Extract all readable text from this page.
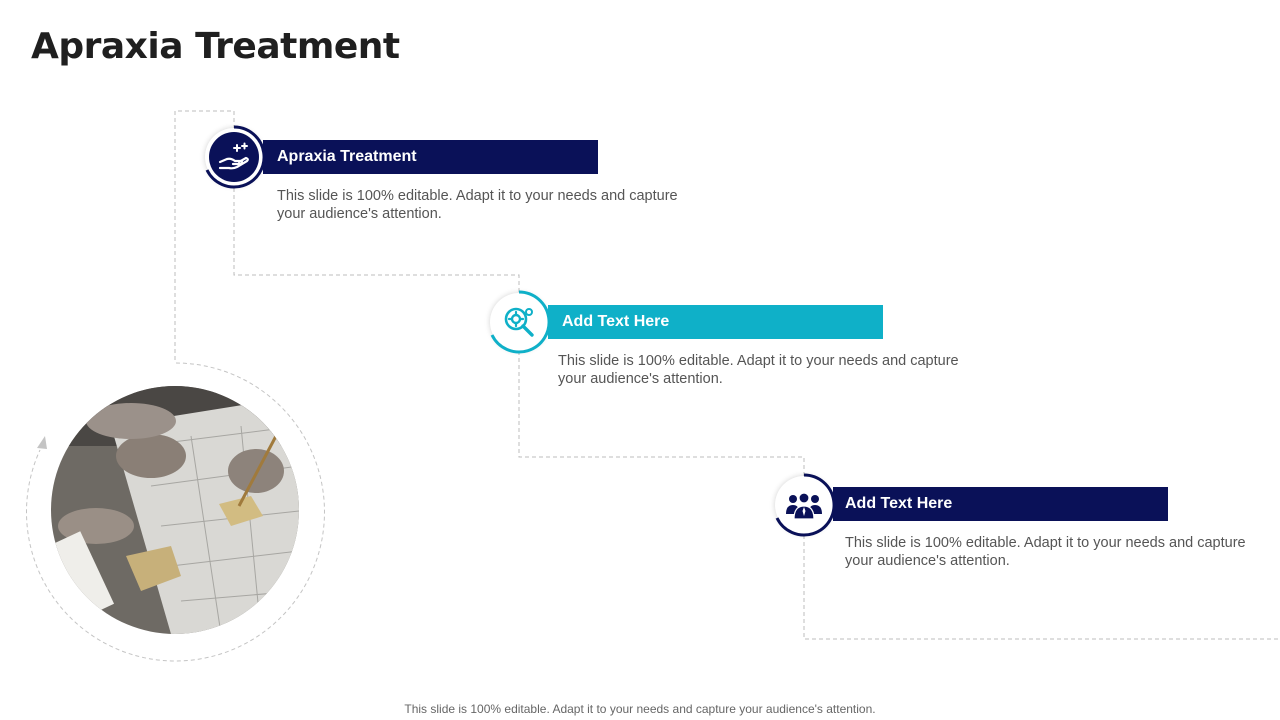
Apraxia Treatment
Apraxia Treatment
This slide is 100% editable. Adapt it to your needs and capture your audience's attention.
Add Text Here
This slide is 100% editable. Adapt it to your needs and capture your audience's attention.
Add Text Here
This slide is 100% editable. Adapt it to your needs and capture your audience's attention.
This slide is 100% editable. Adapt it to your needs and capture your audience's attention.
